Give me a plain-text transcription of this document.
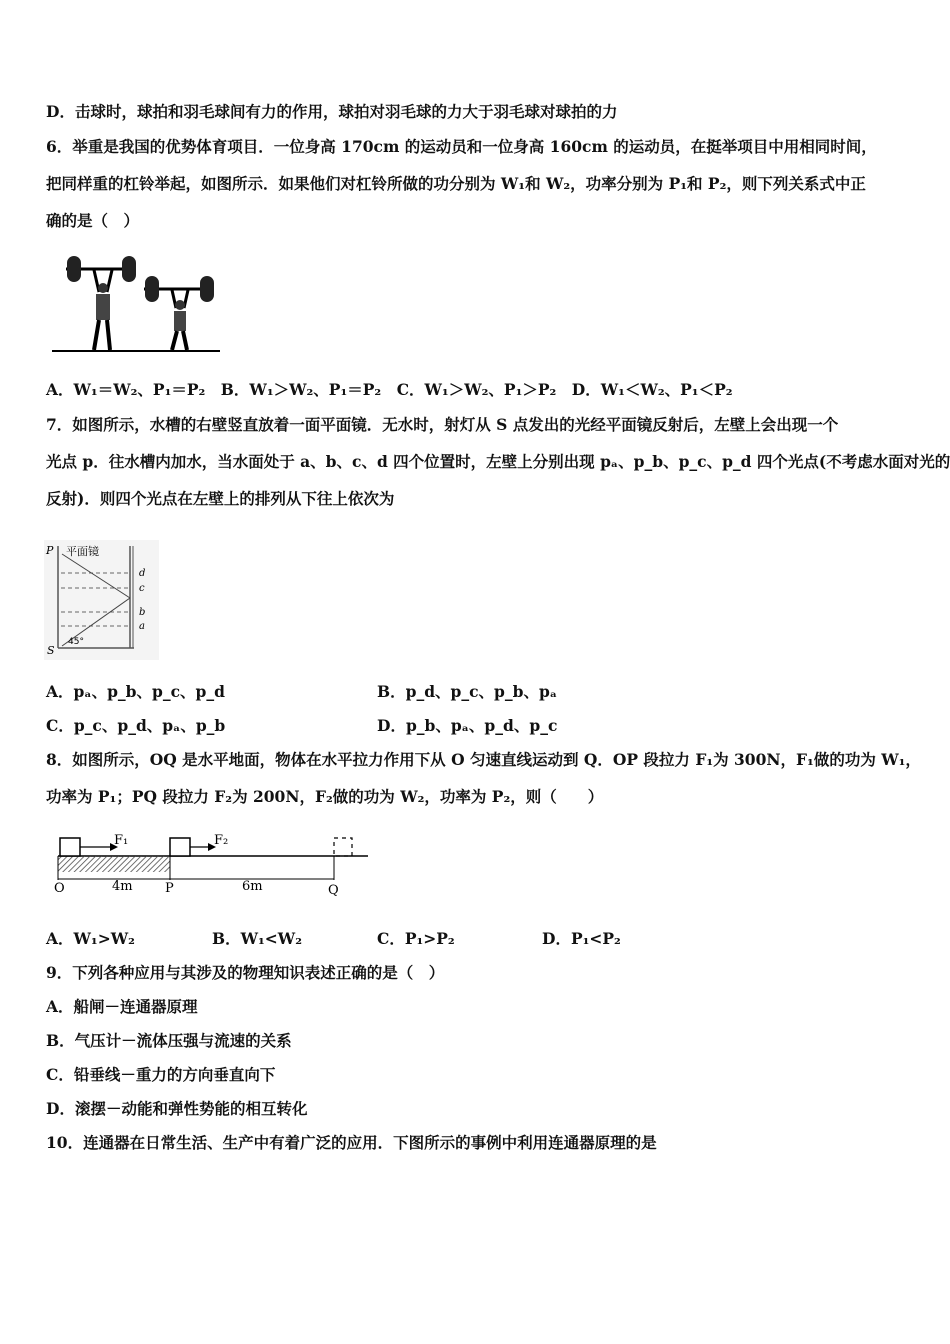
D．击球时，球拍和羽毛球间有力的作用，球拍对羽毛球的力大于羽毛球对球拍的力
6．举重是我国的优势体育项目．一位身高 170cm 的运动员和一位身高 160cm 的运动员，在挺举项目中用相同时间，
把同样重的杠铃举起，如图所示．如果他们对杠铃所做的功分别为 W₁和 W₂，功率分别为 P₁和 P₂，则下列关系式中正
确的是（　）
A．W₁＝W₂、P₁＝P₂　B．W₁＞W₂、P₁＝P₂　C．W₁＞W₂、P₁＞P₂　D．W₁＜W₂、P₁＜P₂
7．如图所示，水槽的右壁竖直放着一面平面镜．无水时，射灯从 S 点发出的光经平面镜反射后，左壁上会出现一个
光点 p．往水槽内加水，当水面处于 a、b、c、d 四个位置时，左壁上分别出现 pₐ、p_b、p_c、p_d 四个光点(不考虑水面对光的
反射)．则四个光点在左壁上的排列从下往上依次为
P 平面镜
S
45°
d
c
b
a
A．pₐ、p_b、p_c、p_d	B．p_d、p_c、p_b、pₐ
C．p_c、p_d、pₐ、p_b	D．p_b、pₐ、p_d、p_c
8．如图所示，OQ 是水平地面，物体在水平拉力作用下从 O 匀速直线运动到 Q．OP 段拉力 F₁为 300N，F₁做的功为 W₁，
功率为 P₁；PQ 段拉力 F₂为 200N，F₂做的功为 W₂，功率为 P₂，则（　　）
F₁	F₂
O	4m P	6m	Q
A．W₁>W₂	B．W₁<W₂	C．P₁>P₂	D．P₁<P₂
9．下列各种应用与其涉及的物理知识表述正确的是（　）
A．船闸－连通器原理
B．气压计－流体压强与流速的关系
C．铅垂线－重力的方向垂直向下
D．滚摆－动能和弹性势能的相互转化
10．连通器在日常生活、生产中有着广泛的应用．下图所示的事例中利用连通器原理的是
